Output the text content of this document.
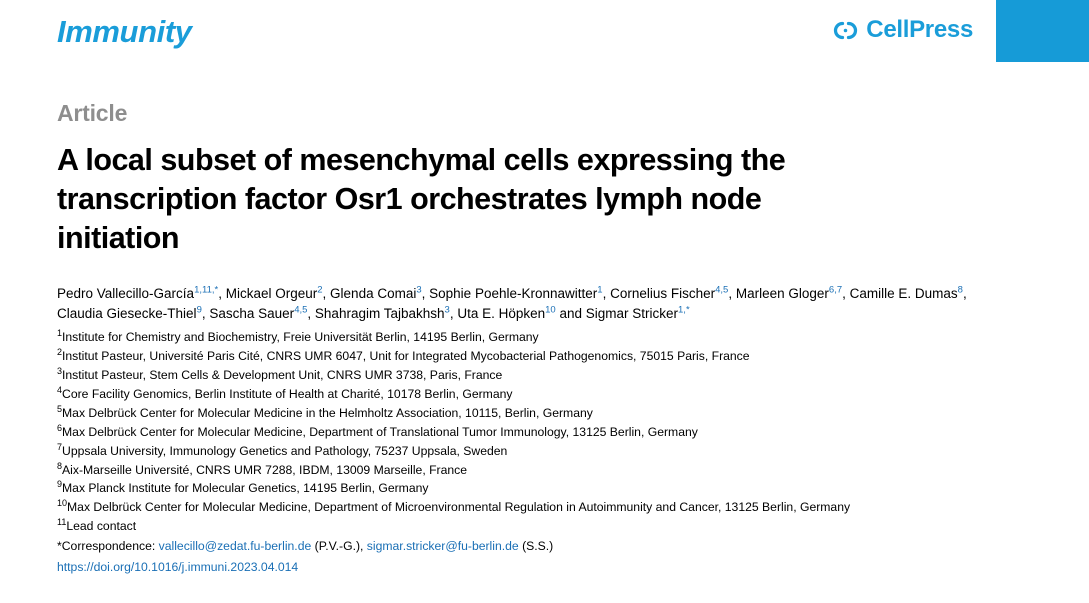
Immunity	CellPress
Article
A local subset of mesenchymal cells expressing the transcription factor Osr1 orchestrates lymph node initiation
Pedro Vallecillo-García$^{1,11,*}$, Mickael Orgeur$^2$, Glenda Comai$^3$, Sophie Poehle-Kronnawitter$^1$, Cornelius Fischer$^{4,5}$, Marleen Gloger$^{6,7}$, Camille E. Dumas$^8$, Claudia Giesecke-Thiel$^9$, Sascha Sauer$^{4,5}$, Shahragim Tajbakhsh$^3$, Uta E. Höpken$^{10}$ and Sigmar Stricker$^{1,*}$
$^1$Institute for Chemistry and Biochemistry, Freie Universität Berlin, 14195 Berlin, Germany
$^2$Institut Pasteur, Université Paris Cité, CNRS UMR 6047, Unit for Integrated Mycobacterial Pathogenomics, 75015 Paris, France
$^3$Institut Pasteur, Stem Cells & Development Unit, CNRS UMR 3738, Paris, France
$^4$Core Facility Genomics, Berlin Institute of Health at Charité, 10178 Berlin, Germany
$^5$Max Delbrück Center for Molecular Medicine in the Helmholtz Association, 10115, Berlin, Germany
$^6$Max Delbrück Center for Molecular Medicine, Department of Translational Tumor Immunology, 13125 Berlin, Germany
$^7$Uppsala University, Immunology Genetics and Pathology, 75237 Uppsala, Sweden
$^8$Aix-Marseille Université, CNRS UMR 7288, IBDM, 13009 Marseille, France
$^9$Max Planck Institute for Molecular Genetics, 14195 Berlin, Germany
$^{10}$Max Delbrück Center for Molecular Medicine, Department of Microenvironmental Regulation in Autoimmunity and Cancer, 13125 Berlin, Germany
$^{11}$Lead contact
*Correspondence: vallecillo@zedat.fu-berlin.de (P.V.-G.), sigmar.stricker@fu-berlin.de (S.S.)
https://doi.org/10.1016/j.immuni.2023.04.014
